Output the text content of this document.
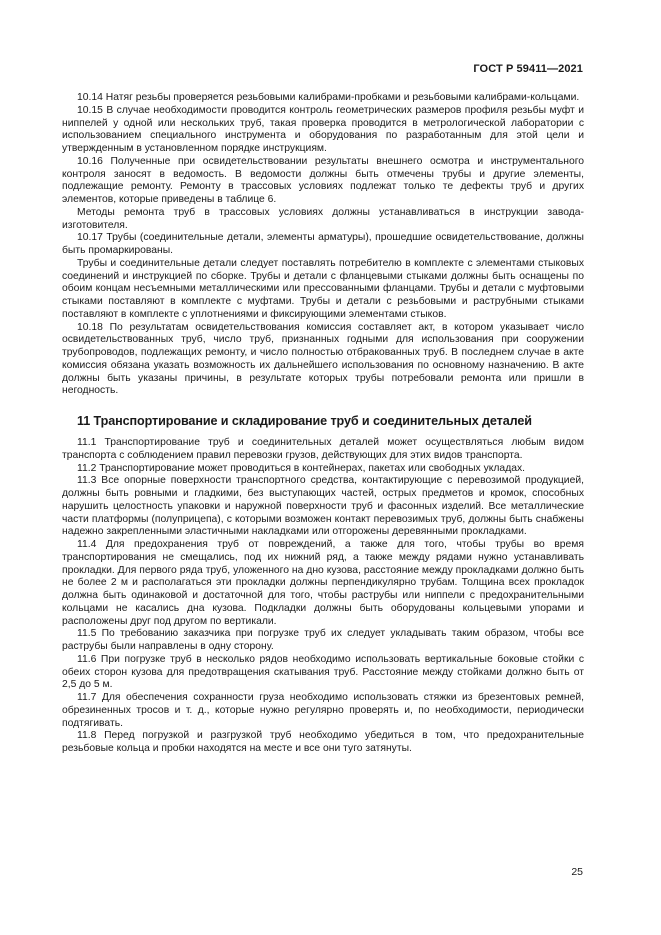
ГОСТ Р 59411—2021

10.14 Натяг резьбы проверяется резьбовыми калибрами-пробками и резьбовыми калибрами-кольцами.

10.15 В случае необходимости проводится контроль геометрических размеров профиля резьбы муфт и ниппелей у одной или нескольких труб, такая проверка проводится в метрологической лаборатории с использованием специального инструмента и оборудования по разработанным для этой цели и утвержденным в установленном порядке инструкциям.

10.16 Полученные при освидетельствовании результаты внешнего осмотра и инструментального контроля заносят в ведомость. В ведомости должны быть отмечены трубы и другие элементы, подлежащие ремонту. Ремонту в трассовых условиях подлежат только те дефекты труб и других элементов, которые приведены в таблице 6.

Методы ремонта труб в трассовых условиях должны устанавливаться в инструкции завода-изготовителя.

10.17 Трубы (соединительные детали, элементы арматуры), прошедшие освидетельствование, должны быть промаркированы.

Трубы и соединительные детали следует поставлять потребителю в комплекте с элементами стыковых соединений и инструкцией по сборке. Трубы и детали с фланцевыми стыками должны быть оснащены по обоим концам несъемными металлическими или прессованными фланцами. Трубы и детали с муфтовыми стыками поставляют в комплекте с муфтами. Трубы и детали с резьбовыми и раструбными стыками поставляют в комплекте с уплотнениями и фиксирующими элементами стыков.

10.18 По результатам освидетельствования комиссия составляет акт, в котором указывает число освидетельствованных труб, число труб, признанных годными для использования при сооружении трубопроводов, подлежащих ремонту, и число полностью отбракованных труб. В последнем случае в акте комиссия обязана указать возможность их дальнейшего использования по основному назначению. В акте должны быть указаны причины, в результате которых трубы потребовали ремонта или пришли в негодность.

11 Транспортирование и складирование труб и соединительных деталей

11.1 Транспортирование труб и соединительных деталей может осуществляться любым видом транспорта с соблюдением правил перевозки грузов, действующих для этих видов транспорта.

11.2 Транспортирование может проводиться в контейнерах, пакетах или свободных укладах.

11.3 Все опорные поверхности транспортного средства, контактирующие с перевозимой продукцией, должны быть ровными и гладкими, без выступающих частей, острых предметов и кромок, способных нарушить целостность упаковки и наружной поверхности труб и фасонных изделий. Все металлические части платформы (полуприцепа), с которыми возможен контакт перевозимых труб, должны быть снабжены надежно закрепленными эластичными накладками или отгорожены деревянными прокладками.

11.4 Для предохранения труб от повреждений, а также для того, чтобы трубы во время транспортирования не смещались, под их нижний ряд, а также между рядами нужно устанавливать прокладки. Для первого ряда труб, уложенного на дно кузова, расстояние между прокладками должно быть не более 2 м и располагаться эти прокладки должны перпендикулярно трубам. Толщина всех прокладок должна быть одинаковой и достаточной для того, чтобы раструбы или ниппели с предохранительными кольцами не касались дна кузова. Подкладки должны быть оборудованы кольцевыми упорами и расположены друг под другом по вертикали.

11.5 По требованию заказчика при погрузке труб их следует укладывать таким образом, чтобы все раструбы были направлены в одну сторону.

11.6 При погрузке труб в несколько рядов необходимо использовать вертикальные боковые стойки с обеих сторон кузова для предотвращения скатывания труб. Расстояние между стойками должно быть от 2,5 до 5 м.

11.7 Для обеспечения сохранности груза необходимо использовать стяжки из брезентовых ремней, обрезиненных тросов и т. д., которые нужно регулярно проверять и, по необходимости, периодически подтягивать.

11.8 Перед погрузкой и разгрузкой труб необходимо убедиться в том, что предохранительные резьбовые кольца и пробки находятся на месте и все они туго затянуты.

25
